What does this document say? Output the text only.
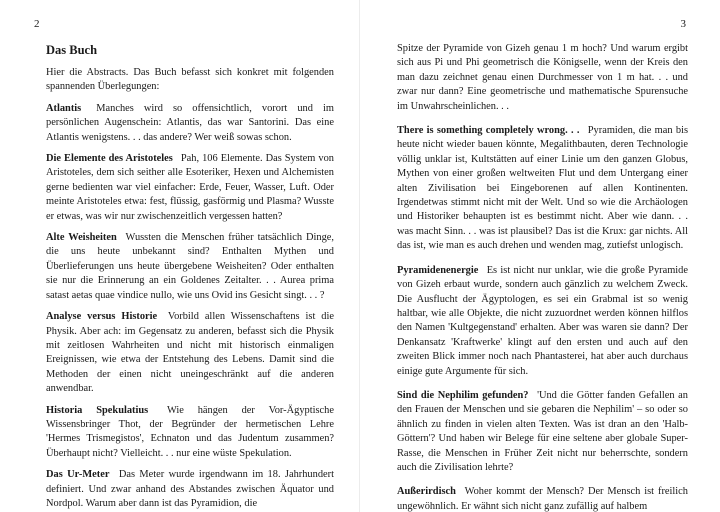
2
Das Buch

Hier die Abstracts. Das Buch befasst sich konkret mit folgenden spannenden Überlegungen:

Atlantis Manches wird so offensichtlich, vorort und im persönlichen Augenschein: Atlantis, das war Santorini. Das eine Atlantis wenigstens. . . das andere? Wer weiß sowas schon.

Die Elemente des Aristoteles Pah, 106 Elemente. Das System von Aristoteles, dem sich seither alle Esoteriker, Hexen und Alchemisten gerne bedienten war viel einfacher: Erde, Feuer, Wasser, Luft. Oder meinte Aristoteles etwa: fest, flüssig, gasförmig und Plasma? Wusste er etwas, was wir nur zwischenzeitlich vergessen hatten?

Alte Weisheiten Wussten die Menschen früher tatsächlich Dinge, die uns heute unbekannt sind? Enthalten Mythen und Überlieferungen uns heute übergebene Weisheiten? Oder enthalten sie nur die Erinnerung an ein Goldenes Zeitalter. . . Aurea prima satast aetas quae vindice nullo, wie uns Ovid ins Gesicht singt. . . ?

Analyse versus Historie Vorbild allen Wissenschaftens ist die Physik. Aber ach: im Gegensatz zu anderen, befasst sich die Physik mit zeitlosen Wahrheiten und nicht mit historisch einmaligen Ereignissen, wie etwa der Entstehung des Lebens. Damit sind die Methoden der einen nicht uneingeschränkt auf die anderen anwendbar.

Historia Spekulatius Wie hängen der Vor-Ägyptische Wissensbringer Thot, der Begründer der hermetischen Lehre 'Hermes Trismegistos', Echnaton und das Judentum zusammen? Überhaupt nicht? Vielleicht. . . nur eine wüste Spekulation.

Das Ur-Meter Das Meter wurde irgendwann im 18. Jahrhundert definiert. Und zwar anhand des Abstandes zwischen Äquator und Nordpol. Warum aber dann ist das Pyramidion, die

3

Spitze der Pyramide von Gizeh genau 1 m hoch? Und warum ergibt sich aus Pi und Phi geometrisch die Königselle, wenn der Kreis den man dazu zeichnet genau einen Durchmesser von 1 m hat. . . und zwar nur dann? Eine geometrische und mathematische Spurensuche im Unwahrscheinlichen. . .

There is something completely wrong. . . Pyramiden, die man bis heute nicht wieder bauen könnte, Megalithbauten, deren Technologie völlig unklar ist, Kultstätten auf einer Linie um den ganzen Globus, Mythen von einer großen weltweiten Flut und dem Untergang einer alten Zivilisation bei Eingeborenen auf allen Kontinenten. Irgendetwas stimmt nicht mit der Welt. Und so wie die Archäologen und Historiker behaupten ist es bestimmt nicht. Aber wie dann. . . was macht Sinn. . . was ist plausibel? Das ist die Krux: gar nichts. All das ist, wie man es auch drehen und wenden mag, zutiefst unlogisch.

Pyramidenenergie Es ist nicht nur unklar, wie die große Pyramide von Gizeh erbaut wurde, sondern auch gänzlich zu welchem Zweck. Die Ausflucht der Ägyptologen, es sei ein Grabmal ist so wenig haltbar, wie alle Objekte, die nicht zuzuordnet werden können hilflos den Namen 'Kultgegenstand' erhalten. Aber was waren sie dann? Der Denkansatz 'Kraftwerke' klingt auf den ersten und auch auf den zweiten Blick immer noch nach Phantasterei, hat aber auch durchaus einige gute Argumente für sich.

Sind die Nephilim gefunden? 'Und die Götter fanden Gefallen an den Frauen der Menschen und sie gebaren die Nephilim' – so oder so ähnlich zu finden in vielen alten Texten. Was ist dran an den 'Halb-Göttern'? Und haben wir Belege für eine seltene aber globale Super-Rasse, die Menschen in Früher Zeit nicht nur beherrschte, sondern auch die Zivilisation lehrte?

Außerirdisch Woher kommt der Mensch? Der Mensch ist freilich ungewöhnlich. Er wähnt sich nicht ganz zufällig auf halbem
